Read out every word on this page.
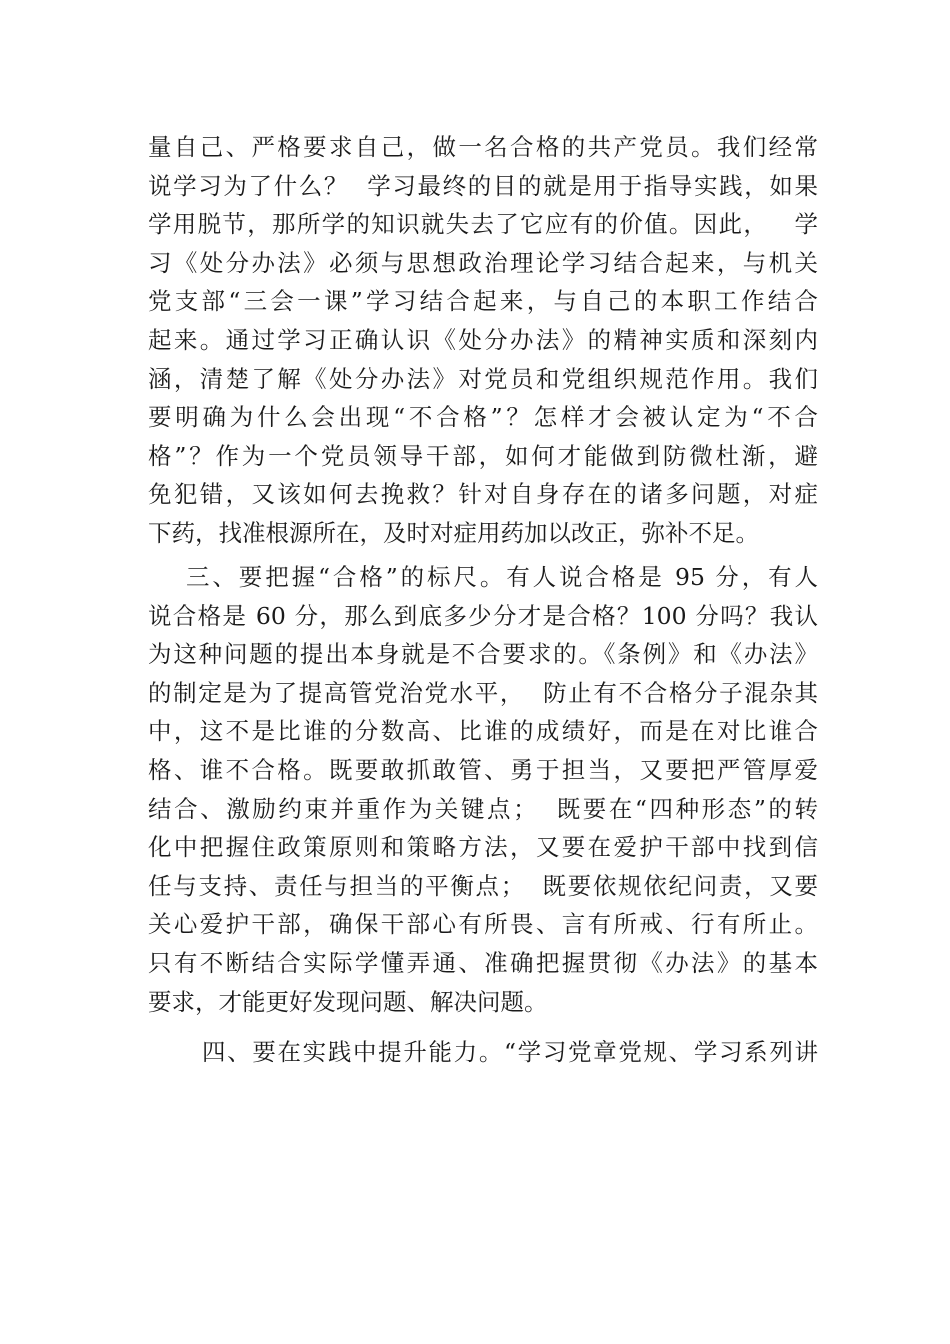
量自己、严格要求自己，做一名合格的共产党员。我们经常
说学习为了什么？  学习最终的目的就是用于指导实践，如果
学用脱节，那所学的知识就失去了它应有的价值。因此，   学
习《处分办法》必须与思想政治理论学习结合起来，与机关
党支部“三会一课”学习结合起来，与自己的本职工作结合
起来。通过学习正确认识《处分办法》的精神实质和深刻内
涵，清楚了解《处分办法》对党员和党组织规范作用。我们
要明确为什么会出现“不合格”？怎样才会被认定为“不合
格”？作为一个党员领导干部，如何才能做到防微杜渐，避
免犯错，又该如何去挽救？针对自身存在的诸多问题，对症
下药，找准根源所在，及时对症用药加以改正，弥补不足。
三、要把握“合格”的标尺。有人说合格是 95 分，有人
说合格是 60 分，那么到底多少分才是合格？100 分吗？我认
为这种问题的提出本身就是不合要求的。《条例》和《办法》
的制定是为了提高管党治党水平，  防止有不合格分子混杂其
中，这不是比谁的分数高、比谁的成绩好，而是在对比谁合
格、谁不合格。既要敢抓敢管、勇于担当，又要把严管厚爱
结合、激励约束并重作为关键点；  既要在“四种形态”的转
化中把握住政策原则和策略方法，又要在爱护干部中找到信
任与支持、责任与担当的平衡点；  既要依规依纪问责，又要
关心爱护干部，确保干部心有所畏、言有所戒、行有所止。
只有不断结合实际学懂弄通、准确把握贯彻《办法》的基本
要求，才能更好发现问题、解决问题。
四、要在实践中提升能力。“学习党章党规、学习系列讲
